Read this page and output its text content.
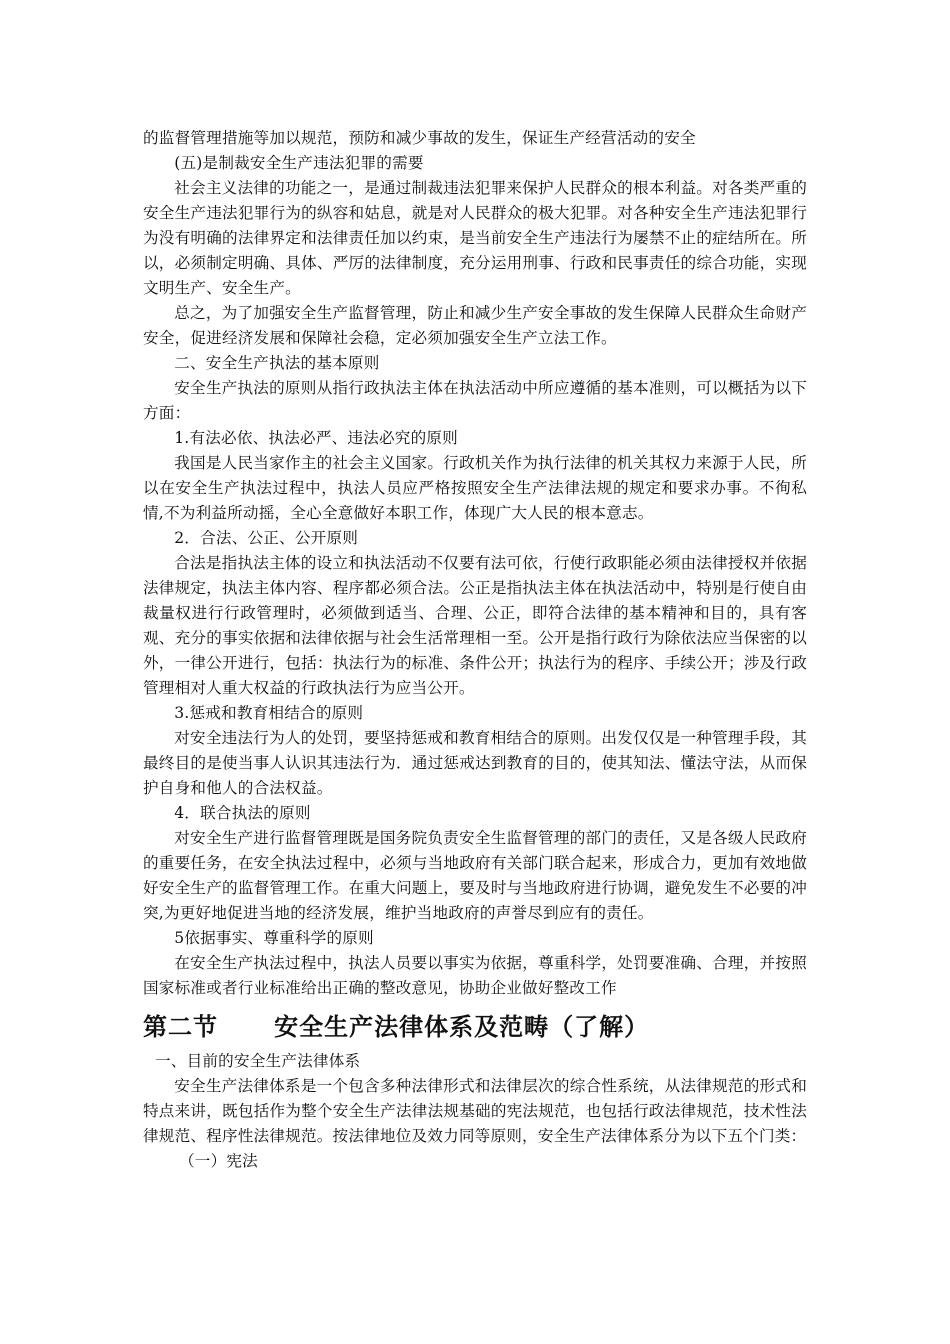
的监督管理措施等加以规范，预防和减少事故的发生，保证生产经营活动的安全

(五)是制裁安全生产违法犯罪的需要

社会主义法律的功能之一，是通过制裁违法犯罪来保护人民群众的根本利益。对各类严重的安全生产违法犯罪行为的纵容和姑息，就是对人民群众的极大犯罪。对各种安全生产违法犯罪行为没有明确的法律界定和法律责任加以约束，是当前安全生产违法行为屡禁不止的症结所在。所以，必须制定明确、具体、严厉的法律制度，充分运用刑事、行政和民事责任的综合功能，实现文明生产、安全生产。

总之，为了加强安全生产监督管理，防止和减少生产安全事故的发生保障人民群众生命财产安全，促进经济发展和保障社会稳，定必须加强安全生产立法工作。

二、安全生产执法的基本原则

安全生产执法的原则从指行政执法主体在执法活动中所应遵循的基本准则，可以概括为以下方面：

1.有法必依、执法必严、违法必究的原则

我国是人民当家作主的社会主义国家。行政机关作为执行法律的机关其权力来源于人民，所以在安全生产执法过程中，执法人员应严格按照安全生产法律法规的规定和要求办事。不徇私情,不为利益所动摇，全心全意做好本职工作，体现广大人民的根本意志。

2．合法、公正、公开原则

合法是指执法主体的设立和执法活动不仅要有法可依，行使行政职能必须由法律授权并依据法律规定，执法主体内容、程序都必须合法。公正是指执法主体在执法活动中，特别是行使自由裁量权进行行政管理时，必须做到适当、合理、公正，即符合法律的基本精神和目的，具有客观、充分的事实依据和法律依据与社会生活常理相一至。公开是指行政行为除依法应当保密的以外，一律公开进行，包括：执法行为的标准、条件公开；执法行为的程序、手续公开；涉及行政管理相对人重大权益的行政执法行为应当公开。

3.惩戒和教育相结合的原则

对安全违法行为人的处罚，要坚持惩戒和教育相结合的原则。出发仅仅是一种管理手段，其最终目的是使当事人认识其违法行为．通过惩戒达到教育的目的，使其知法、懂法守法，从而保护自身和他人的合法权益。

4．联合执法的原则

对安全生产进行监督管理既是国务院负责安全生监督管理的部门的责任，又是各级人民政府的重要任务，在安全执法过程中，必须与当地政府有关部门联合起来，形成合力，更加有效地做好安全生产的监督管理工作。在重大问题上，要及时与当地政府进行协调，避免发生不必要的冲突,为更好地促进当地的经济发展，维护当地政府的声誉尽到应有的责任。

5依据事实、尊重科学的原则

在安全生产执法过程中，执法人员要以事实为依据，尊重科学，处罚要准确、合理，并按照国家标准或者行业标准给出正确的整改意见，协助企业做好整改工作

第二节      安全生产法律体系及范畴（了解）

一、目前的安全生产法律体系

安全生产法律体系是一个包含多种法律形式和法律层次的综合性系统，从法律规范的形式和特点来讲，既包括作为整个安全生产法律法规基础的宪法规范，也包括行政法律规范，技术性法律规范、程序性法律规范。按法律地位及效力同等原则，安全生产法律体系分为以下五个门类：

（一）宪法
